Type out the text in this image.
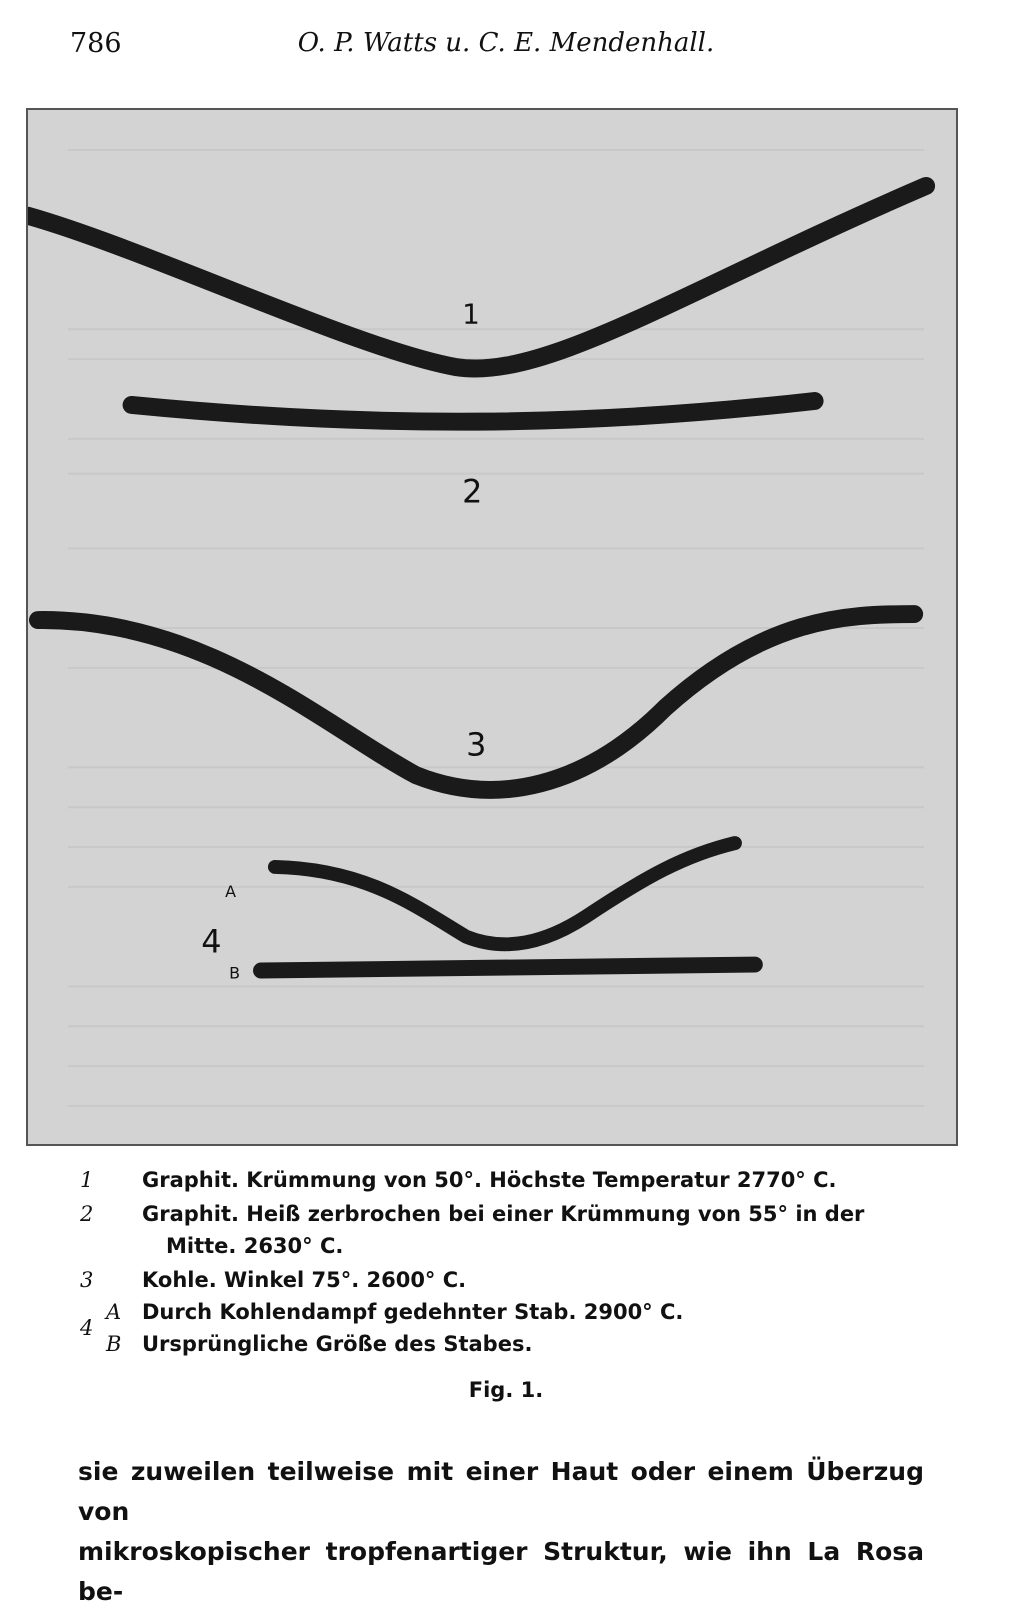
786	O. P. Watts u. C. E. Mendenhall.
1
2
3
4
A
B
1 Graphit. Krümmung von 50°. Höchste Temperatur 2770° C.
2 Graphit. Heiß zerbrochen bei einer Krümmung von 55° in der
Mitte. 2630° C.
3 Kohle. Winkel 75°. 2600° C.
A Durch Kohlendampf gedehnter Stab. 2900° C.
4
B Ursprüngliche Größe des Stabes.
Fig. 1.
sie zuweilen teilweise mit einer Haut oder einem Überzug von
mikroskopischer tropfenartiger Struktur, wie ihn La Rosa be-
